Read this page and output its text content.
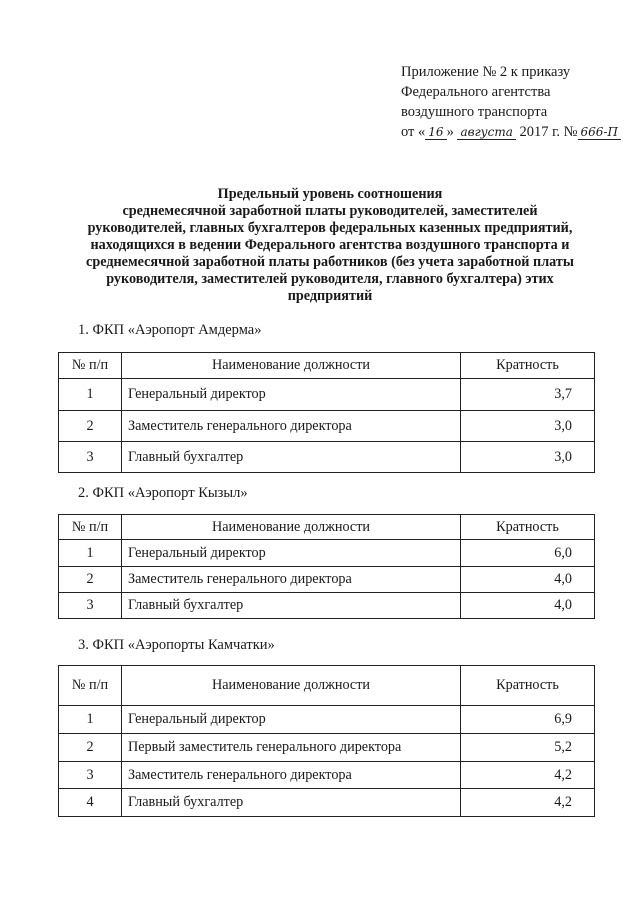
Приложение № 2 к приказу
Федерального агентства
воздушного транспорта
от « 16 » августа 2017 г. № 666-П
Предельный уровень соотношения
среднемесячной заработной платы руководителей, заместителей
руководителей, главных бухгалтеров федеральных казенных предприятий,
находящихся в ведении Федерального агентства воздушного транспорта и
среднемесячной заработной платы работников (без учета заработной платы
руководителя, заместителей руководителя, главного бухгалтера) этих
предприятий
1. ФКП «Аэропорт Амдерма»
№ п/п	Наименование должности	Кратность
1	Генеральный директор	3,7
2	Заместитель генерального директора	3,0
3	Главный бухгалтер	3,0
2. ФКП «Аэропорт Кызыл»
№ п/п	Наименование должности	Кратность
1	Генеральный директор	6,0
2	Заместитель генерального директора	4,0
3	Главный бухгалтер	4,0
3. ФКП «Аэропорты Камчатки»
№ п/п	Наименование должности	Кратность
1	Генеральный директор	6,9
2	Первый заместитель генерального директора	5,2
3	Заместитель генерального директора	4,2
4	Главный бухгалтер	4,2
